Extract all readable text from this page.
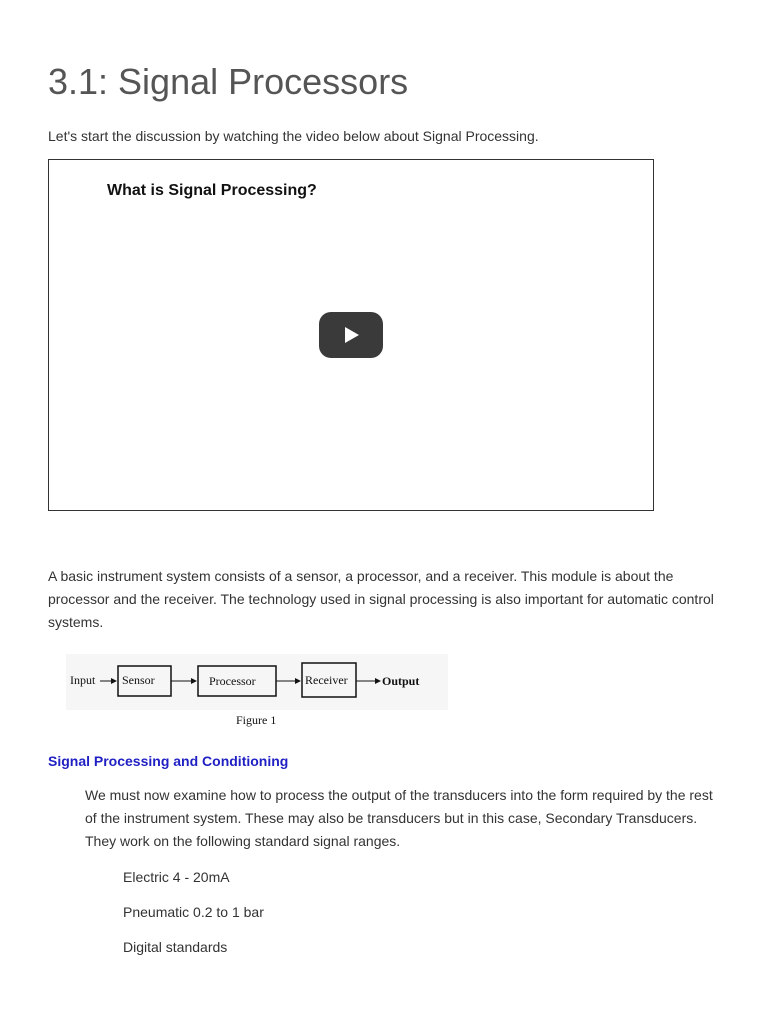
3.1: Signal Processors
Let's start the discussion by watching the video below about Signal Processing.
What is Signal Processing?
A basic instrument system consists of a sensor, a processor, and a receiver. This module is about the processor and the receiver. The technology used in signal processing is also important for automatic control systems.
Input Sensor	Processor	Receiver	Output
Figure 1
Signal Processing and Conditioning
We must now examine how to process the output of the transducers into the form required by the rest of the instrument system. These may also be transducers but in this case, Secondary Transducers. They work on the following standard signal ranges.
Electric 4 - 20mA
Pneumatic 0.2 to 1 bar
Digital standards
